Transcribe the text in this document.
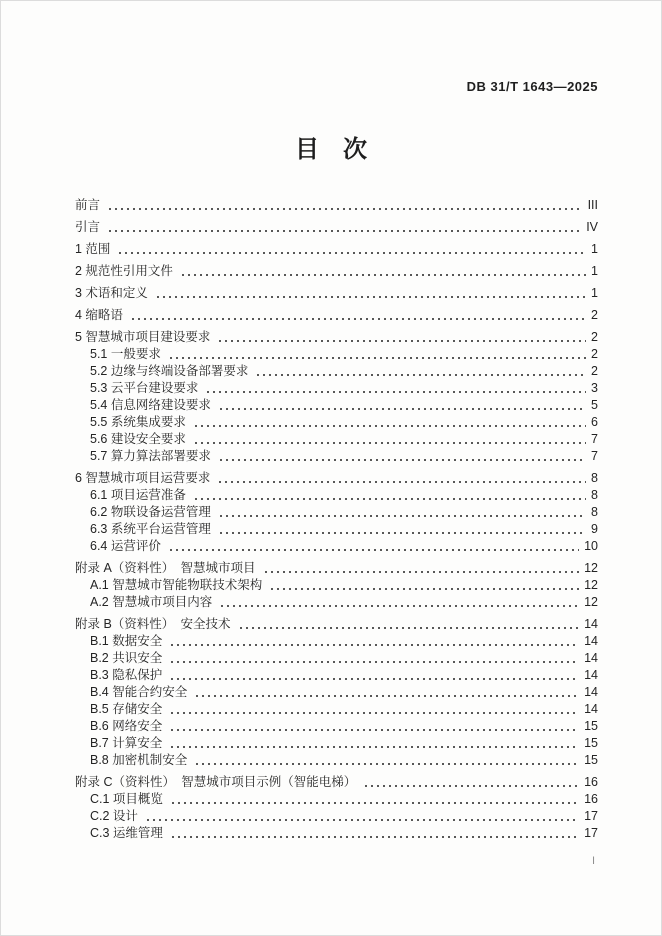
DB 31/T 1643—2025
目　次
前言	III
引言	IV
1 范围	1
2 规范性引用文件	1
3 术语和定义	1
4 缩略语	2
5 智慧城市项目建设要求	2
5.1 一般要求	2
5.2 边缘与终端设备部署要求	2
5.3 云平台建设要求	3
5.4 信息网络建设要求	5
5.5 系统集成要求	6
5.6 建设安全要求	7
5.7 算力算法部署要求	7
6 智慧城市项目运营要求	8
6.1 项目运营准备	8
6.2 物联设备运营管理	8
6.3 系统平台运营管理	9
6.4 运营评价	10
附录 A（资料性）　智慧城市项目	12
A.1 智慧城市智能物联技术架构	12
A.2 智慧城市项目内容	12
附录 B（资料性）　安全技术	14
B.1 数据安全	14
B.2 共识安全	14
B.3 隐私保护	14
B.4 智能合约安全	14
B.5 存储安全	14
B.6 网络安全	15
B.7 计算安全	15
B.8 加密机制安全	15
附录 C（资料性）　智慧城市项目示例（智能电梯）	16
C.1 项目概览	16
C.2 设计	17
C.3 运维管理	17
I
